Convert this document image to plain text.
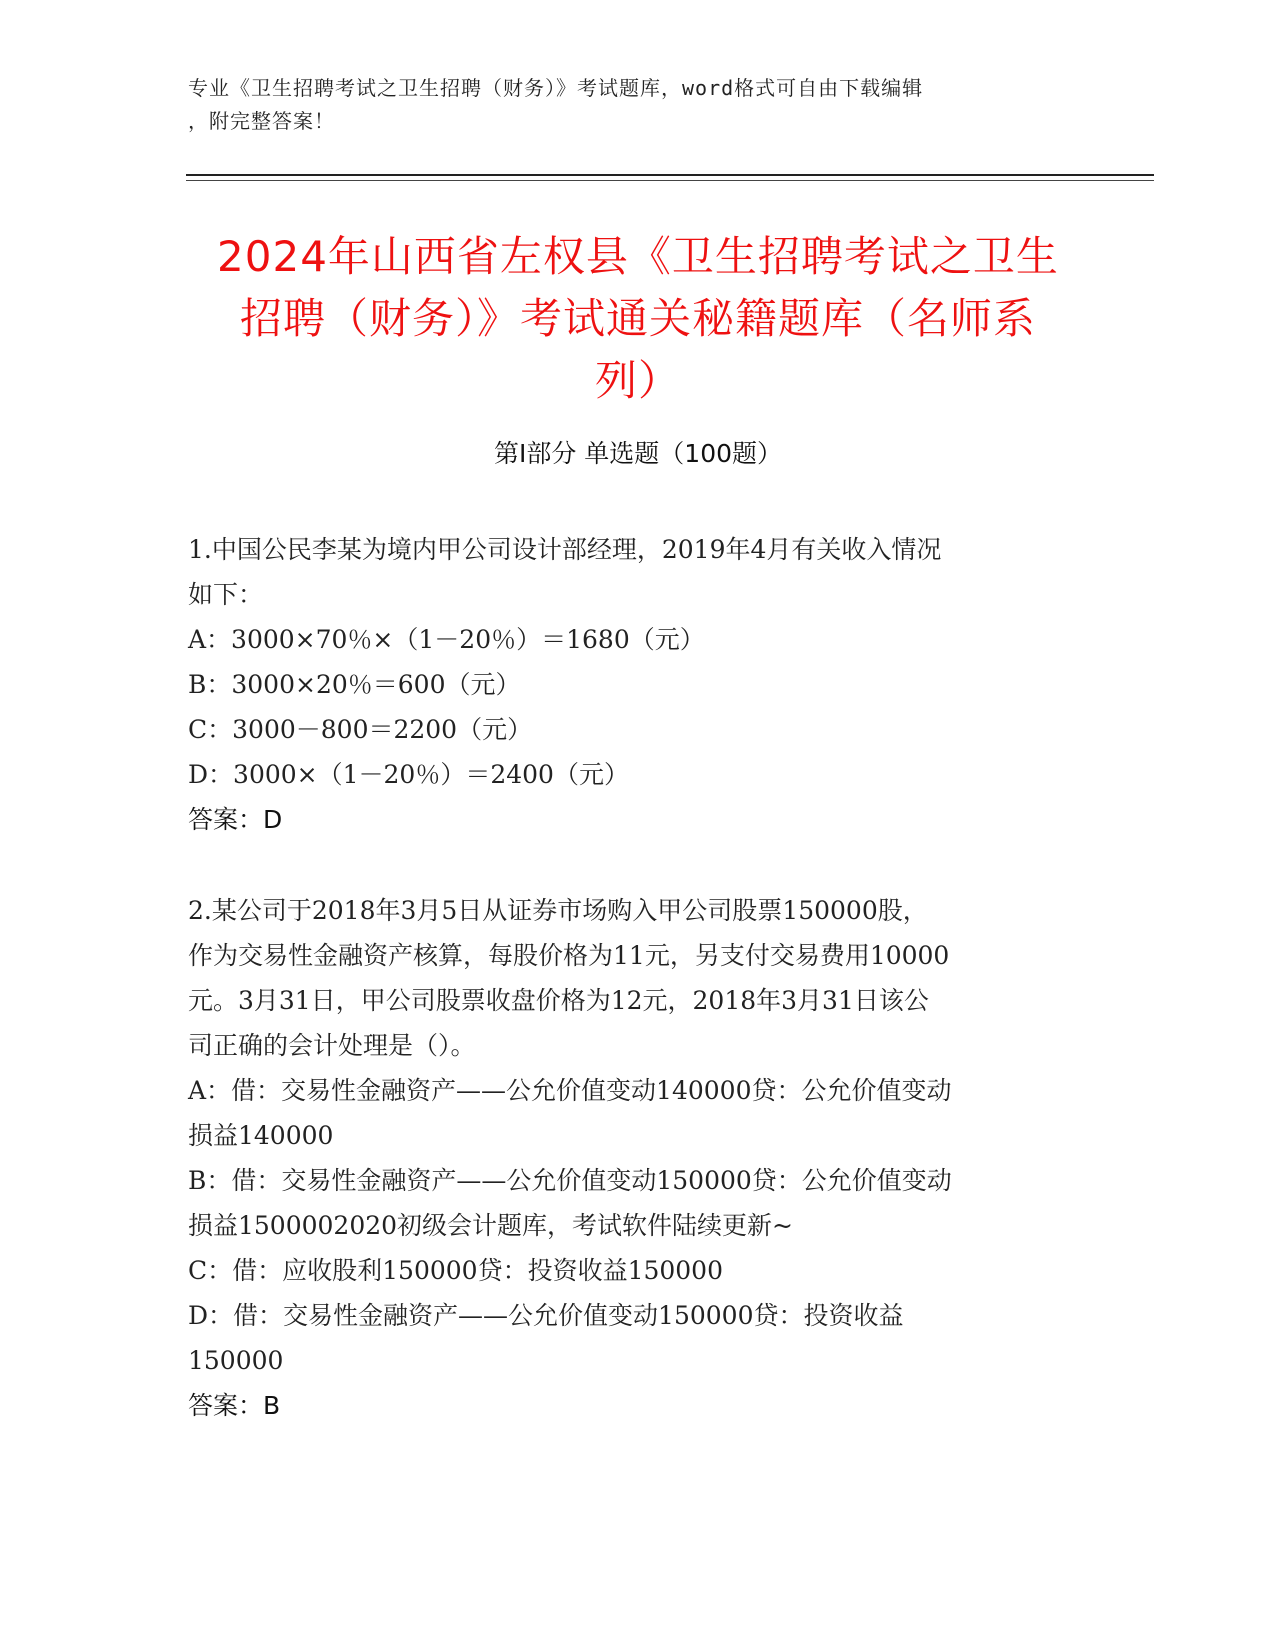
专业《卫生招聘考试之卫生招聘（财务）》考试题库，word格式可自由下载编辑
，附完整答案！
2024年山西省左权县《卫生招聘考试之卫生
招聘（财务）》考试通关秘籍题库（名师系
列）
第Ⅰ部分 单选题（100题）
1.中国公民李某为境内甲公司设计部经理，2019年4月有关收入情况
如下：
A：3000×70％×（1－20％）＝1680（元）
B：3000×20％＝600（元）
C：3000－800＝2200（元）
D：3000×（1－20％）＝2400（元）
答案：D
2.某公司于2018年3月5日从证券市场购入甲公司股票150000股，
作为交易性金融资产核算，每股价格为11元，另支付交易费用10000
元。3月31日，甲公司股票收盘价格为12元，2018年3月31日该公
司正确的会计处理是（）。
A：借：交易性金融资产——公允价值变动140000贷：公允价值变动
损益140000
B：借：交易性金融资产——公允价值变动150000贷：公允价值变动
损益1500002020初级会计题库，考试软件陆续更新~
C：借：应收股利150000贷：投资收益150000
D：借：交易性金融资产——公允价值变动150000贷：投资收益
150000
答案：B
